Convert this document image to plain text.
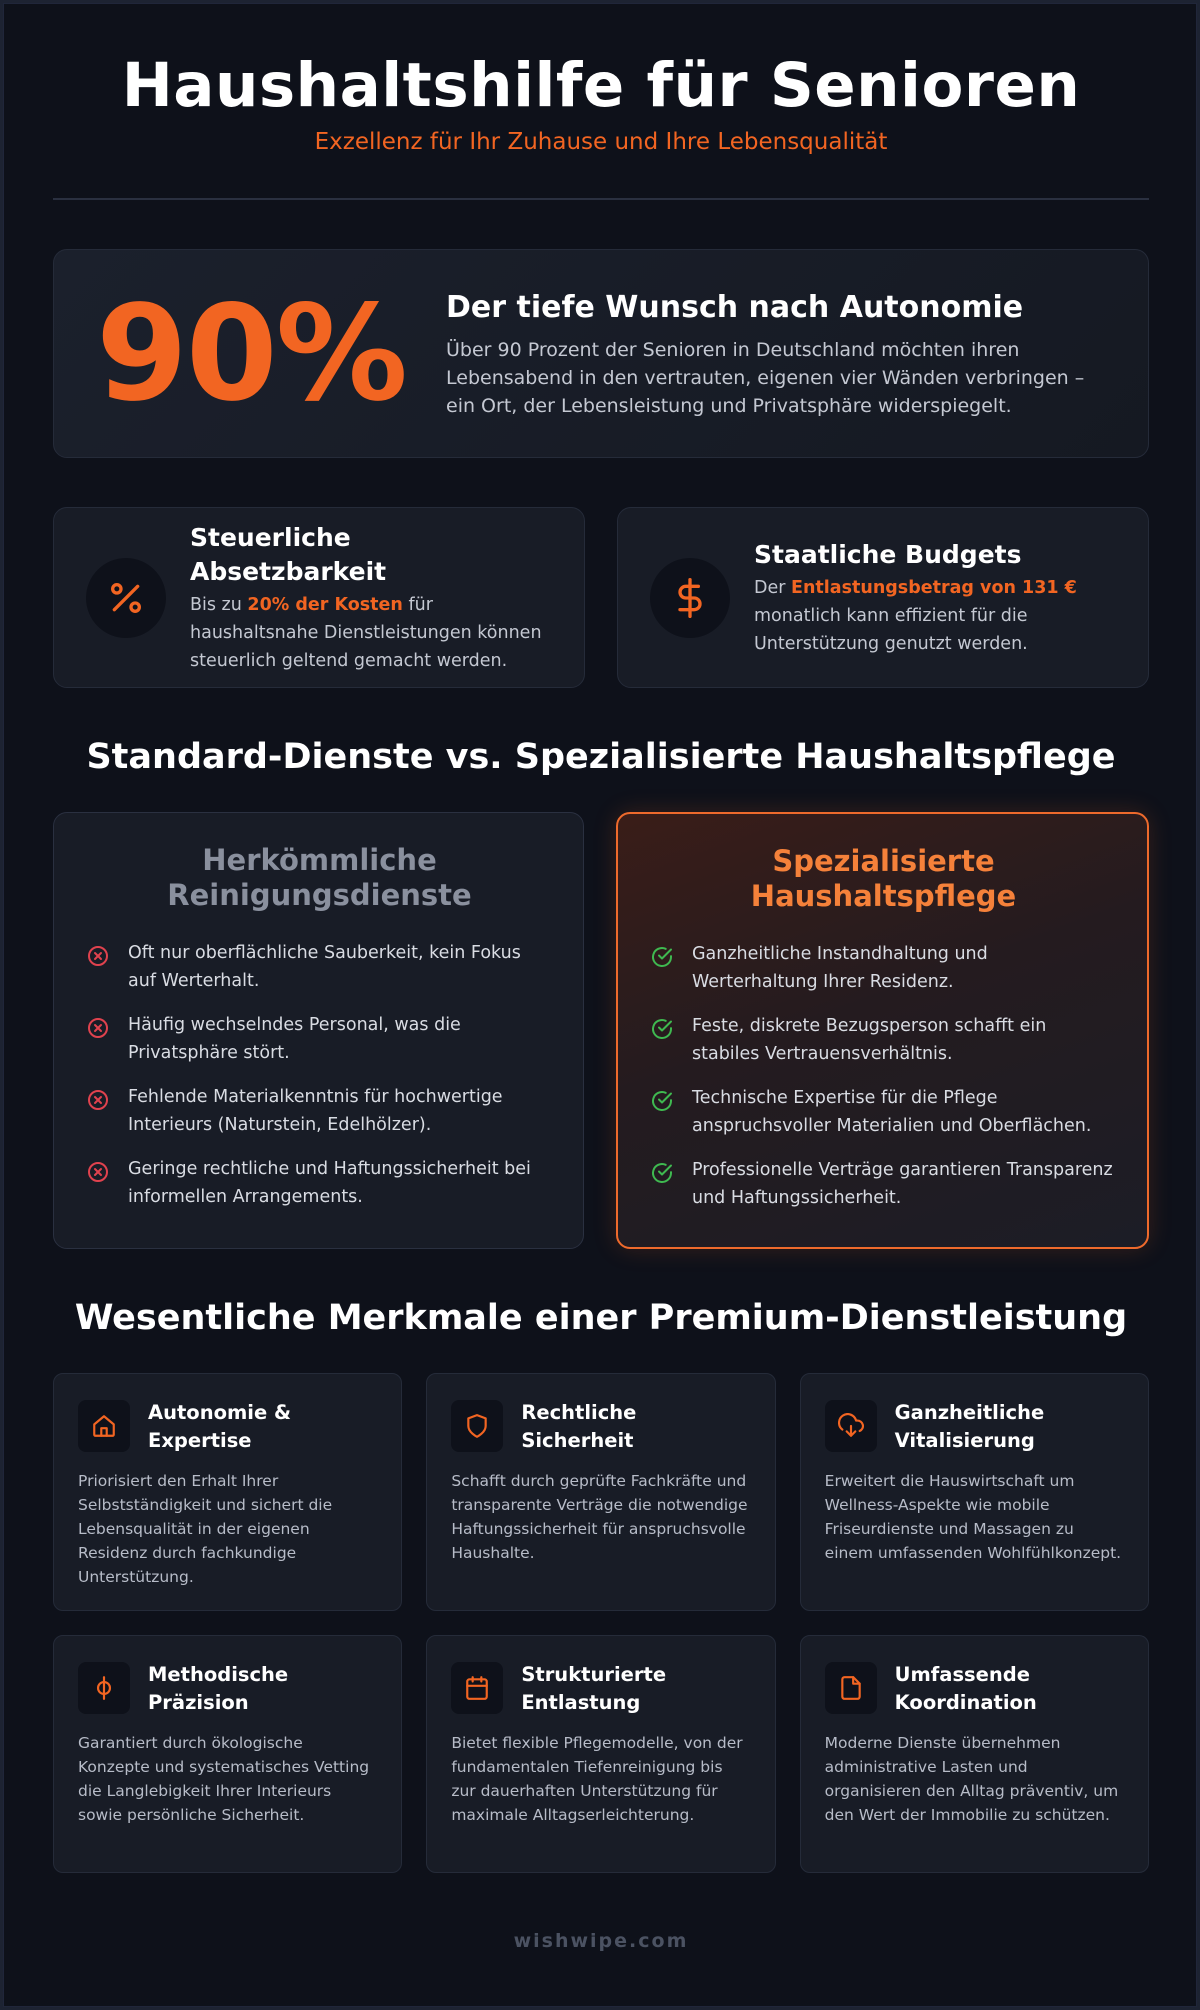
Haushaltshilfe für Senioren
Exzellenz für Ihr Zuhause und Ihre Lebensqualität
90%	Der tiefe Wunsch nach Autonomie
Über 90 Prozent der Senioren in Deutschland möchten ihren Lebensabend in den vertrauten, eigenen vier Wänden verbringen – ein Ort, der Lebensleistung und Privatsphäre widerspiegelt.
Steuerliche Absetzbarkeit
Bis zu 20% der Kosten für haushaltsnahe Dienstleistungen können steuerlich geltend gemacht werden.
Staatliche Budgets
Der Entlastungsbetrag von 131 € monatlich kann effizient für die Unterstützung genutzt werden.
Standard-Dienste vs. Spezialisierte Haushaltspflege
Herkömmliche Reinigungsdienste
Oft nur oberflächliche Sauberkeit, kein Fokus auf Werterhalt.
Häufig wechselndes Personal, was die Privatsphäre stört.
Fehlende Materialkenntnis für hochwertige Interieurs (Naturstein, Edelhölzer).
Geringe rechtliche und Haftungssicherheit bei informellen Arrangements.
Spezialisierte Haushaltspflege
Ganzheitliche Instandhaltung und Werterhaltung Ihrer Residenz.
Feste, diskrete Bezugsperson schafft ein stabiles Vertrauensverhältnis.
Technische Expertise für die Pflege anspruchsvoller Materialien und Oberflächen.
Professionelle Verträge garantieren Transparenz und Haftungssicherheit.
Wesentliche Merkmale einer Premium-Dienstleistung
Autonomie & Expertise
Priorisiert den Erhalt Ihrer Selbstständigkeit und sichert die Lebensqualität in der eigenen Residenz durch fachkundige Unterstützung.
Rechtliche Sicherheit
Schafft durch geprüfte Fachkräfte und transparente Verträge die notwendige Haftungssicherheit für anspruchsvolle Haushalte.
Ganzheitliche Vitalisierung
Erweitert die Hauswirtschaft um Wellness-Aspekte wie mobile Friseurdienste und Massagen zu einem umfassenden Wohlfühlkonzept.
Methodische Präzision
Garantiert durch ökologische Konzepte und systematisches Vetting die Langlebigkeit Ihrer Interieurs sowie persönliche Sicherheit.
Strukturierte Entlastung
Bietet flexible Pflegemodelle, von der fundamentalen Tiefenreinigung bis zur dauerhaften Unterstützung für maximale Alltagserleichterung.
Umfassende Koordination
Moderne Dienste übernehmen administrative Lasten und organisieren den Alltag präventiv, um den Wert der Immobilie zu schützen.
wishwipe.com
